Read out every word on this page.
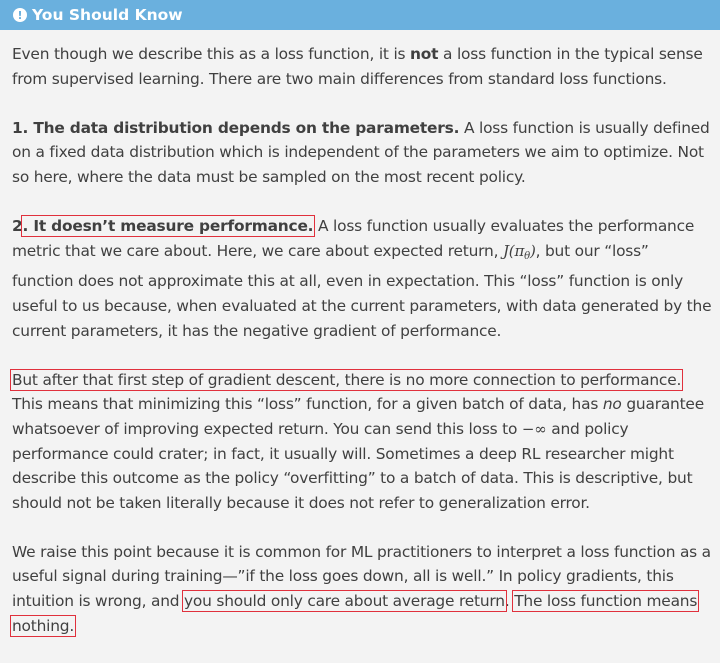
! You Should Know

Even though we describe this as a loss function, it is not a loss function in the typical sense from supervised learning. There are two main differences from standard loss functions.

1. The data distribution depends on the parameters. A loss function is usually defined on a fixed data distribution which is independent of the parameters we aim to optimize. Not so here, where the data must be sampled on the most recent policy.

2. It doesn’t measure performance. A loss function usually evaluates the performance metric that we care about. Here, we care about expected return, $J(\pi_\theta)$, but our “loss” function does not approximate this at all, even in expectation. This “loss” function is only useful to us because, when evaluated at the current parameters, with data generated by the current parameters, it has the negative gradient of performance.

But after that first step of gradient descent, there is no more connection to performance. This means that minimizing this “loss” function, for a given batch of data, has no guarantee whatsoever of improving expected return. You can send this loss to −∞ and policy performance could crater; in fact, it usually will. Sometimes a deep RL researcher might describe this outcome as the policy “overfitting” to a batch of data. This is descriptive, but should not be taken literally because it does not refer to generalization error.

We raise this point because it is common for ML practitioners to interpret a loss function as a useful signal during training—”if the loss goes down, all is well.” In policy gradients, this intuition is wrong, and you should only care about average return. The loss function means nothing.
